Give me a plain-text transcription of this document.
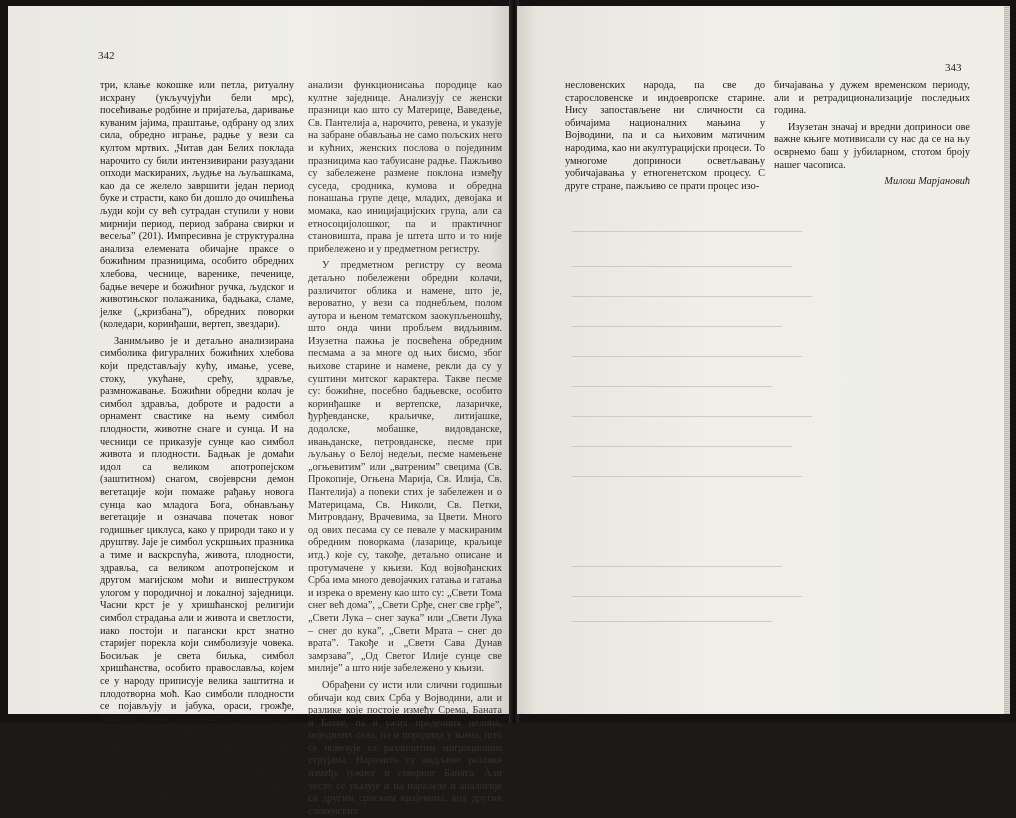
342

три, клање кокошке или петла, ритуалну исхрану (укључујући бели мрс), посећивање родбине и пријатеља, даривање куваним јајима, праштање, одбрану од злих сила, обредно играње, радње у вези са култом мртвих. „Читав дан Белих поклада нарочито су били интензивирани разуздани опходи маскираних, људње на љуљашкама, као да се желело завршити један период буке и страсти, како би дошло до очишћења људи који су већ сутрадан ступили у нови мирнији период, период забрана свирки и весеља” (201). Импресивна је структурална анализа елемената обичајне праксе о божићним празницима, особито обредних хлебова, чеснице, варенике, печенице, бадње вечере и божићног ручка, људског и животињског полажаника, бадњака, сламе, јелке („кризбана”), обредних поворки (коледари, коринђаши, вертеп, звездари).

Занимљиво је и детаљно анализирана симболика фигуралних божићних хлебова који представљају кућу, имање, усеве, стоку, укућане, срећу, здравље, размножавање. Божићни обредни колач је симбол здравља, доброте и радости а орнамент свастике на њему симбол плодности, животне снаге и сунца. И на чесници се приказује сунце као симбол живота и плодности. Бадњак је домаћи идол са великом апотропејском (заштитном) снагом, својеврсни демон вегетације који помаже рађању новога сунца као младога Бога, обнављању вегетације и означава почетак новог годишњег циклуса, како у природи тако и у друштву. Јаје је симбол ускршњих празника а тиме и васкрсnућа, живота, плодности, здравља, са великом апотропејском и другом магијском моћи и вишеструком улогом у породичној и локалној заједници. Часни крст је у хришћанској религији симбол страдања али и живота и светлости, иако постоји и пагански крст знатно старијег порекла који симболизује човека. Босиљак је света биљка, симбол хришћанства, особито православља, којем се у народу приписује велика заштитна и плодотворна моћ. Као симболи плодности се појављују и јабука, ораси, грожђе, божићна слама, младенчићи (пециво), во, бик, петао као жртни демон итд.

Из угла функционалне анализе посебно је значајан култ предака који се појављује у много годишњих обичаја и има не само функцију заштите него и обезбеђења плодности. Цела књига је изванредан допринос

анализи функционисања породице као култне заједнице. Анализују се женски празници као што су Материце, Ваведење, Св. Пантелија а, нарочито, ревена, и указује на забране обављања не само пољских него и кућних, женских послова о појединим празницима као табуисане радње. Пажљиво су забележене размене поклона између суседа, сродника, кумова и обредна понашања групе деце, младих, девојака и момака, као иницијацијских група, али са етносоцијолошког, па и практичног становишта, права је штета што и то није прибележено и у предметном регистру.

У предметном регистру су веома детаљно побележени обредни колачи, различитог облика и намене, што је, вероватно, у вези са поднебљем, полом аутора и њеном тематском заокупљеношћу, што онда чини пробљем видљивим. Изузетна пажња је посвећена обредним песмама а за многе од њих бисмо, због њихове старине и намене, рекли да су у суштини митског карактера. Такве песме су: божићне, посебно бадњевске, особито коринђашке и вертепске, лазаричке, ђурђевданске, краљичке, литијашке, додолске, мобашке, видовданске, ивањданске, петровданске, песме при љуљању о Белој недељи, песме намењене „огњевитим” или „ватреним” свецима (Св. Прокопије, Огњена Марија, Св. Илија, Св. Пантелија) а поneки стих је забележен и о Материцама, Св. Николи, Св. Петки, Митровдану, Врачевима, за Цвети. Много од ових песама су се певале у маскираним обредним поворкама (лазарице, краљице итд.) које су, такође, детаљно описане и протумачене у књизи. Код војвођанских Срба има много девојачких гатања и гатања и изрека о времену као што су: „Свети Тома снег већ дома”, „Свети Срђе, снег све грђе”, „Свети Лука – снег заука” или „Свети Лука – снег до кука”, „Свети Мрата – снег до врата”. Такође и „Свети Сава Дунав замрзава”, „Од Светог Илије сунце све милије” а што није забележено у књизи.

Обрађени су исти или слични годишњи обичаји код свих Срба у Војводини, али и разлике које постоје између Срема, Баната и Бачке, па и ужих предеоних целина, појединих села, па и породица у њима, што се повезује са различитим миграционим струјама. Нарочито су видљиве разлике између јужног и северног Баната. Али често се указује и на паралеле и аналогије са другим српским крајевима, код других словенских

343

несловенских народа, па све до старословенске и индоевропске старине. Нису запостављене ни сличности са обичајима националних мањина у Војводини, па и са њиховим матичним народима, као ни акултурацијски процеси. То умногоме доприноси осветљавању уобичајавања у етногенетском процесу. С друге стране, пажљиво се прати процес изо-

бичајавања у дужем временском периоду, али и ретрадиционализације последњих година.

Изузетан значај и вредни доприноси ове важне књиге мотивисали су нас да се на њу осврнемо баш у јубиларном, стотом броју нашег часописа.

Милош Марјановић
